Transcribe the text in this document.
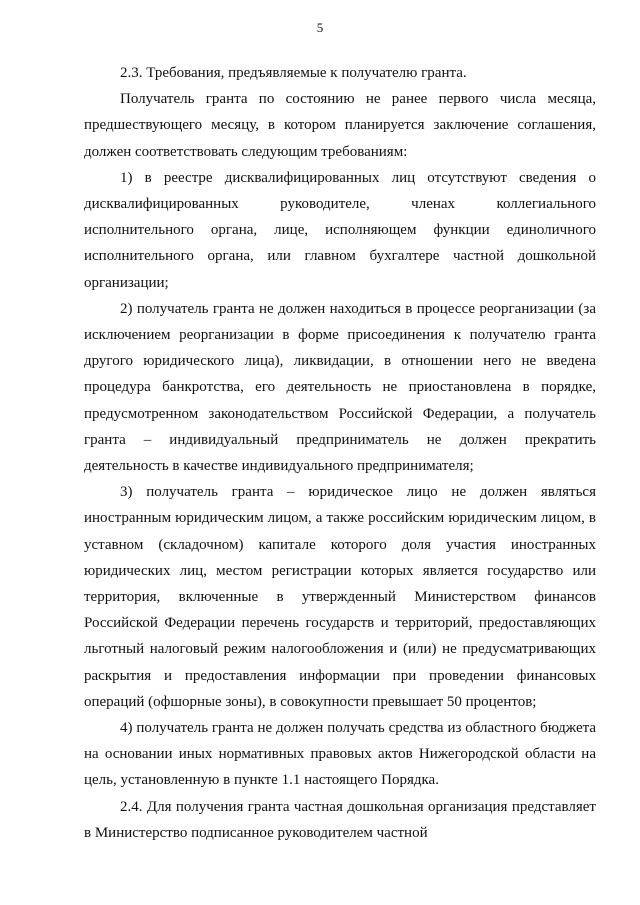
5

2.3. Требования, предъявляемые к получателю гранта.

Получатель гранта по состоянию не ранее первого числа месяца, предшествующего месяцу, в котором планируется заключение соглашения, должен соответствовать следующим требованиям:

1) в реестре дисквалифицированных лиц отсутствуют сведения о дисквалифицированных руководителе, членах коллегиального исполнительного органа, лице, исполняющем функции единоличного исполнительного органа, или главном бухгалтере частной дошкольной организации;

2) получатель гранта не должен находиться в процессе реорганизации (за исключением реорганизации в форме присоединения к получателю гранта другого юридического лица), ликвидации, в отношении него не введена процедура банкротства, его деятельность не приостановлена в порядке, предусмотренном законодательством Российской Федерации, а получатель гранта – индивидуальный предприниматель не должен прекратить деятельность в качестве индивидуального предпринимателя;

3) получатель гранта – юридическое лицо не должен являться иностранным юридическим лицом, а также российским юридическим лицом, в уставном (складочном) капитале которого доля участия иностранных юридических лиц, местом регистрации которых является государство или территория, включенные в утвержденный Министерством финансов Российской Федерации перечень государств и территорий, предоставляющих льготный налоговый режим налогообложения и (или) не предусматривающих раскрытия и предоставления информации при проведении финансовых операций (офшорные зоны), в совокупности превышает 50 процентов;

4) получатель гранта не должен получать средства из областного бюджета на основании иных нормативных правовых актов Нижегородской области на цель, установленную в пункте 1.1 настоящего Порядка.

2.4. Для получения гранта частная дошкольная организация представляет в Министерство подписанное руководителем частной
